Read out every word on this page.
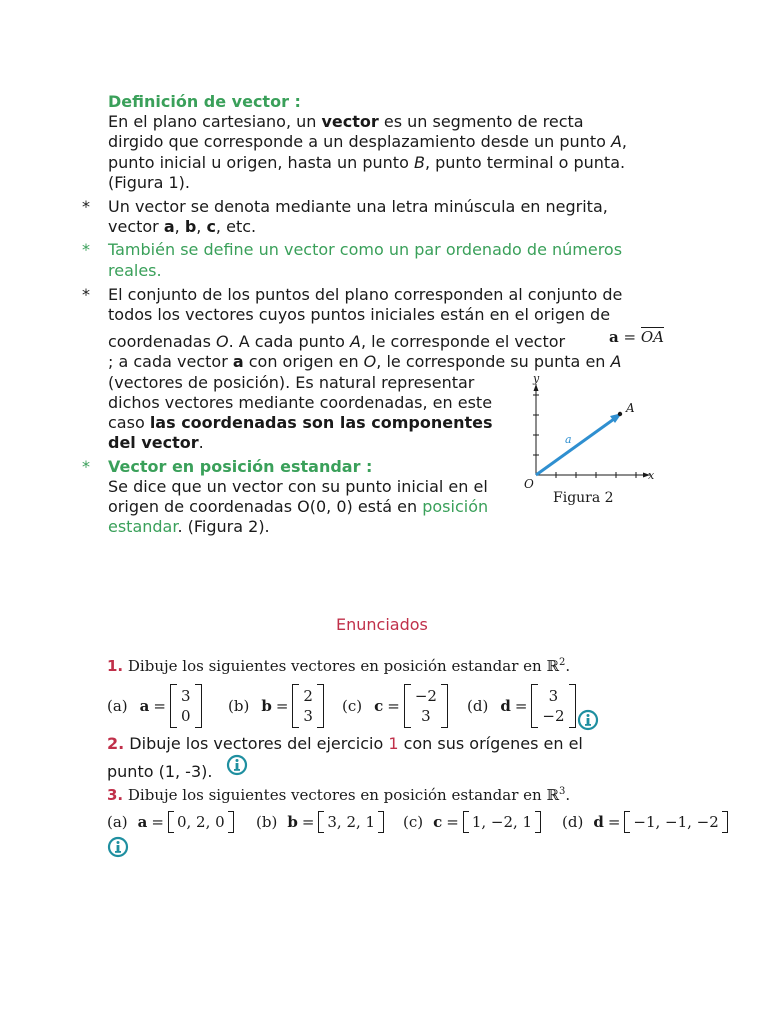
Definición de vector :
En el plano cartesiano, un vector es un segmento de recta
dirgido que corresponde a un desplazamiento desde un punto A,
punto inicial u origen, hasta un punto B, punto terminal o punta.
(Figura 1).
* Un vector se denota mediante una letra minúscula en negrita,
vector a, b, c, etc.
* También se define un vector como un par ordenado de números
reales.
* El conjunto de los puntos del plano corresponden al conjunto de
todos los vectores cuyos puntos iniciales están en el origen de
coordenadas O. A cada punto A, le corresponde el vector	a = OA
; a cada vector a con origen en O, le corresponde su punta en A
(vectores de posición). Es natural representar
dichos vectores mediante coordenadas, en este
caso las coordenadas son las componentes
del vector.
* Vector en posición estandar :
Se dice que un vector con su punto inicial en el
origen de coordenadas O(0, 0) está en posición
estandar. (Figura 2).
y
x
O
A
a
Figura 2
Enunciados
1. Dibuje los siguientes vectores en posición estandar en ℝ$^2$.
(a) a =
3
0
(b) b =
2
3
(c) c =
−2
3
(d) d =
3
−2
2. Dibuje los vectores del ejercicio 1 con sus orígenes en el
punto (1, -3).
3. Dibuje los siguientes vectores en posición estandar en ℝ$^3$.
(a) a = 0, 2, 0 (b) b = 3, 2, 1 (c) c = 1, −2, 1 (d) d = −1, −1, −2
